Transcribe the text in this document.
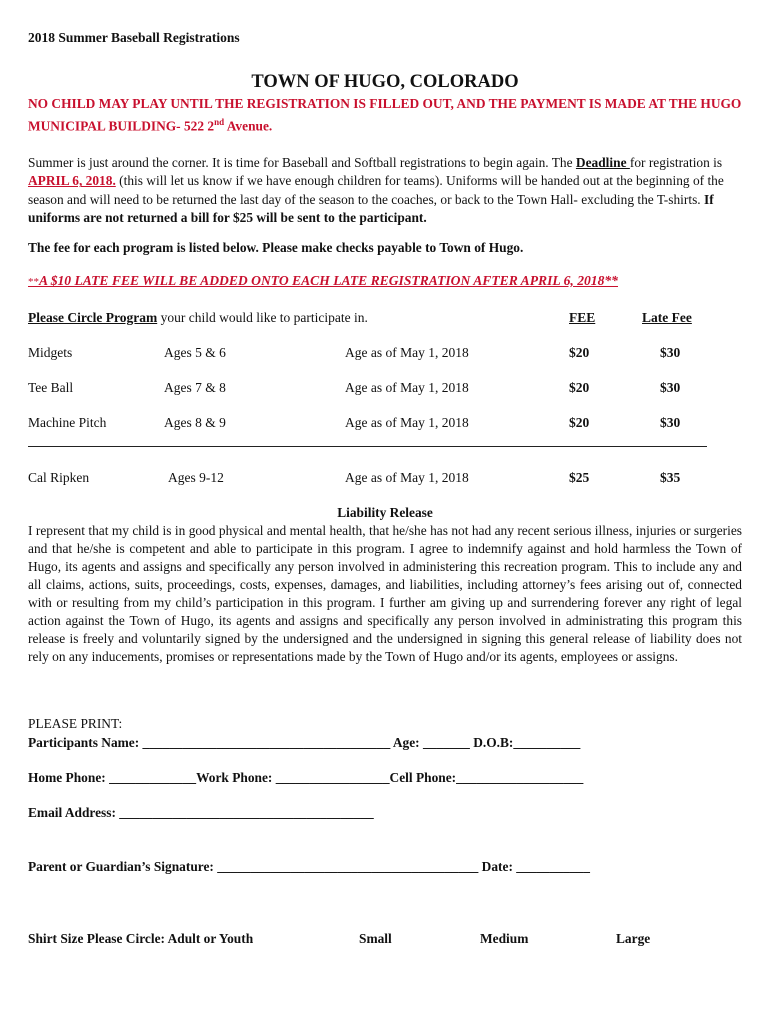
2018 Summer Baseball Registrations
TOWN OF HUGO, COLORADO
NO CHILD MAY PLAY UNTIL THE REGISTRATION IS FILLED OUT, AND THE PAYMENT IS MADE AT THE HUGO MUNICIPAL BUILDING- 522 2nd Avenue.
Summer is just around the corner. It is time for Baseball and Softball registrations to begin again. The Deadline for registration is APRIL 6, 2018. (this will let us know if we have enough children for teams). Uniforms will be handed out at the beginning of the season and will need to be returned the last day of the season to the coaches, or back to the Town Hall- excluding the T-shirts. If uniforms are not returned a bill for $25 will be sent to the participant.
The fee for each program is listed below. Please make checks payable to Town of Hugo.
**A $10 LATE FEE WILL BE ADDED ONTO EACH LATE REGISTRATION AFTER APRIL 6, 2018**
Please Circle Program your child would like to participate in.	FEE	Late Fee
Midgets	Ages 5 & 6	Age as of May 1, 2018	$20	$30
Tee Ball	Ages 7 & 8	Age as of May 1, 2018	$20	$30
Machine Pitch	Ages 8 & 9	Age as of May 1, 2018	$20	$30
Cal Ripken	Ages 9-12	Age as of May 1, 2018	$25	$35
Liability Release
I represent that my child is in good physical and mental health, that he/she has not had any recent serious illness, injuries or surgeries and that he/she is competent and able to participate in this program. I agree to indemnify against and hold harmless the Town of Hugo, its agents and assigns and specifically any person involved in administering this recreation program. This to include any and all claims, actions, suits, proceedings, costs, expenses, damages, and liabilities, including attorney’s fees arising out of, connected with or resulting from my child’s participation in this program. I further am giving up and surrendering forever any right of legal action against the Town of Hugo, its agents and assigns and specifically any person involved in administrating this program this release is freely and voluntarily signed by the undersigned and the undersigned in signing this general release of liability does not rely on any inducements, promises or representations made by the Town of Hugo and/or its agents, employees or assigns.
PLEASE PRINT:
Participants Name: _____________________________________ Age: _______ D.O.B:__________
Home Phone: _____________Work Phone: _________________Cell Phone:___________________
Email Address: ______________________________________
Parent or Guardian’s Signature: _______________________________________ Date: ___________
Shirt Size Please Circle: Adult or Youth	Small	Medium	Large
